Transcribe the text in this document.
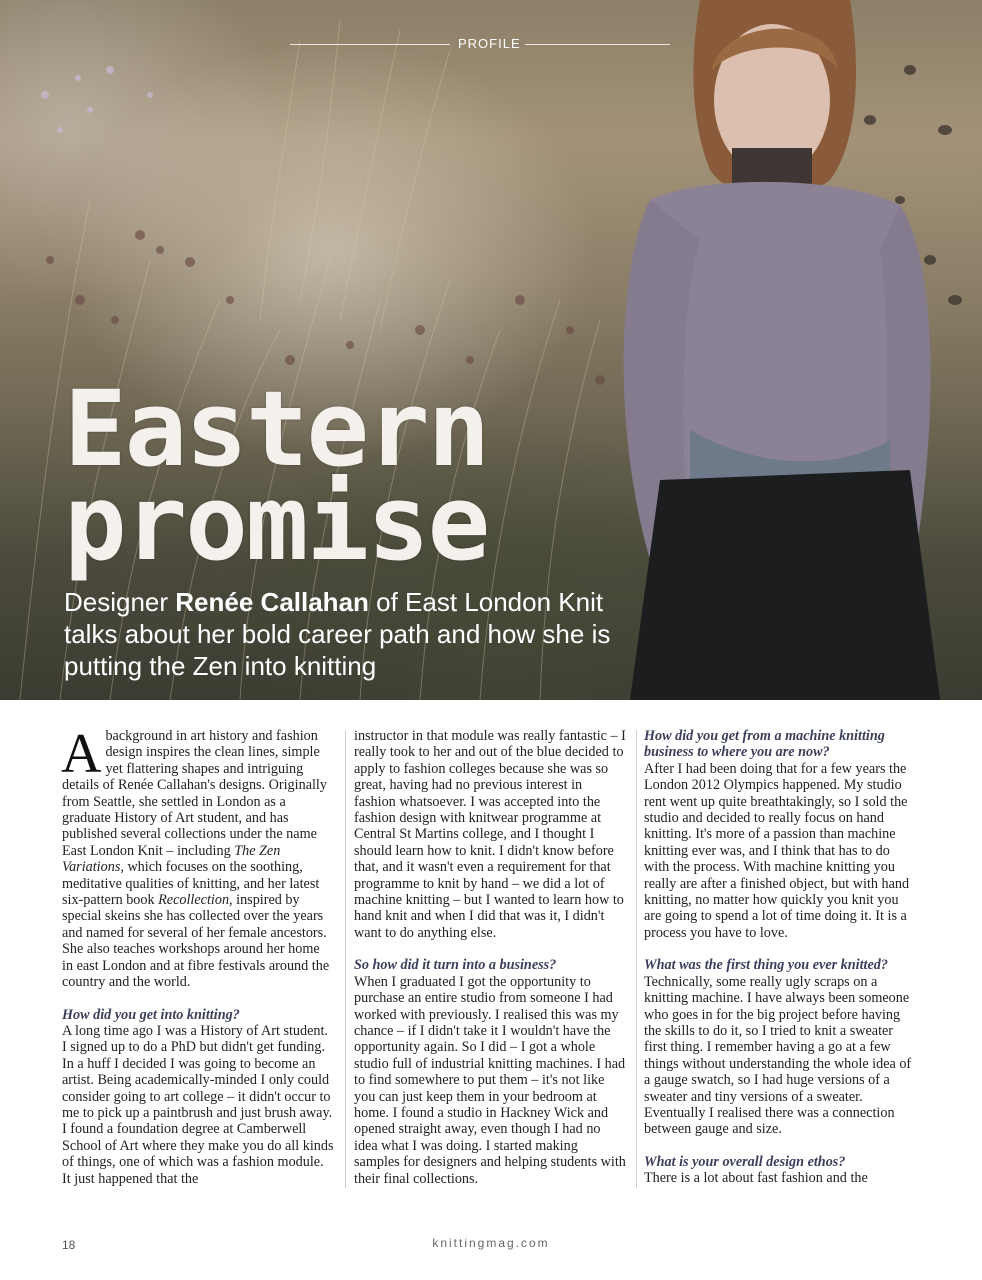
PROFILE
Eastern
promise

Designer Renée Callahan of East London Knit talks about her bold career path and how she is putting the Zen into knitting

A background in art history and fashion design inspires the clean lines, simple yet flattering shapes and intriguing details of Renée Callahan's designs. Originally from Seattle, she settled in London as a graduate History of Art student, and has published several collections under the name East London Knit – including The Zen Variations, which focuses on the soothing, meditative qualities of knitting, and her latest six-pattern book Recollection, inspired by special skeins she has collected over the years and named for several of her female ancestors. She also teaches workshops around her home in east London and at fibre festivals around the country and the world.

How did you get into knitting?

A long time ago I was a History of Art student. I signed up to do a PhD but didn't get funding. In a huff I decided I was going to become an artist. Being academically-minded I only could consider going to art college – it didn't occur to me to pick up a paintbrush and just brush away. I found a foundation degree at Camberwell School of Art where they make you do all kinds of things, one of which was a fashion module. It just happened that the

instructor in that module was really fantastic – I really took to her and out of the blue decided to apply to fashion colleges because she was so great, having had no previous interest in fashion whatsoever. I was accepted into the fashion design with knitwear programme at Central St Martins college, and I thought I should learn how to knit. I didn't know before that, and it wasn't even a requirement for that programme to knit by hand – we did a lot of machine knitting – but I wanted to learn how to hand knit and when I did that was it, I didn't want to do anything else.

So how did it turn into a business?

When I graduated I got the opportunity to purchase an entire studio from someone I had worked with previously. I realised this was my chance – if I didn't take it I wouldn't have the opportunity again. So I did – I got a whole studio full of industrial knitting machines. I had to find somewhere to put them – it's not like you can just keep them in your bedroom at home. I found a studio in Hackney Wick and opened straight away, even though I had no idea what I was doing. I started making samples for designers and helping students with their final collections.

How did you get from a machine knitting business to where you are now?

After I had been doing that for a few years the London 2012 Olympics happened. My studio rent went up quite breathtakingly, so I sold the studio and decided to really focus on hand knitting. It's more of a passion than machine knitting ever was, and I think that has to do with the process. With machine knitting you really are after a finished object, but with hand knitting, no matter how quickly you knit you are going to spend a lot of time doing it. It is a process you have to love.

What was the first thing you ever knitted?

Technically, some really ugly scraps on a knitting machine. I have always been someone who goes in for the big project before having the skills to do it, so I tried to knit a sweater first thing. I remember having a go at a few things without understanding the whole idea of a gauge swatch, so I had huge versions of a sweater and tiny versions of a sweater. Eventually I realised there was a connection between gauge and size.

What is your overall design ethos?

There is a lot about fast fashion and the

18	knittingmag.com
